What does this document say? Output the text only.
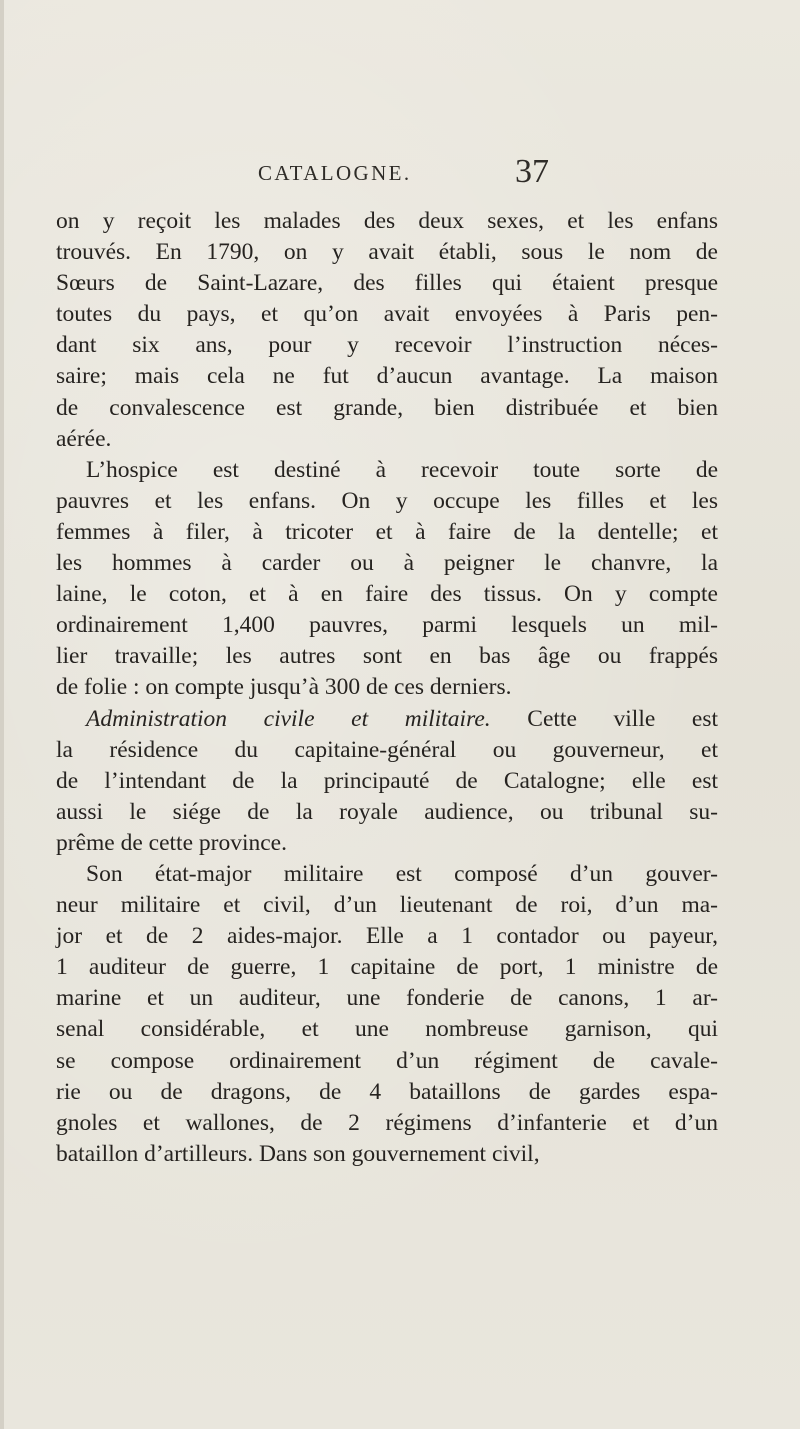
CATALOGNE.	37
on y reçoit les malades des deux sexes, et les enfans
trouvés. En 1790, on y avait établi, sous le nom de
Sœurs de Saint-Lazare, des filles qui étaient presque
toutes du pays, et qu’on avait envoyées à Paris pen-
dant six ans, pour y recevoir l’instruction néces-
saire; mais cela ne fut d’aucun avantage. La maison
de convalescence est grande, bien distribuée et bien
aérée.
L’hospice est destiné à recevoir toute sorte de
pauvres et les enfans. On y occupe les filles et les
femmes à filer, à tricoter et à faire de la dentelle; et
les hommes à carder ou à peigner le chanvre, la
laine, le coton, et à en faire des tissus. On y compte
ordinairement 1,400 pauvres, parmi lesquels un mil-
lier travaille; les autres sont en bas âge ou frappés
de folie : on compte jusqu’à 300 de ces derniers.
Administration civile et militaire. Cette ville est
la résidence du capitaine-général ou gouverneur, et
de l’intendant de la principauté de Catalogne; elle est
aussi le siége de la royale audience, ou tribunal su-
prême de cette province.
Son état-major militaire est composé d’un gouver-
neur militaire et civil, d’un lieutenant de roi, d’un ma-
jor et de 2 aides-major. Elle a 1 contador ou payeur,
1 auditeur de guerre, 1 capitaine de port, 1 ministre de
marine et un auditeur, une fonderie de canons, 1 ar-
senal considérable, et une nombreuse garnison, qui
se compose ordinairement d’un régiment de cavale-
rie ou de dragons, de 4 bataillons de gardes espa-
gnoles et wallones, de 2 régimens d’infanterie et d’un
bataillon d’artilleurs. Dans son gouvernement civil,
